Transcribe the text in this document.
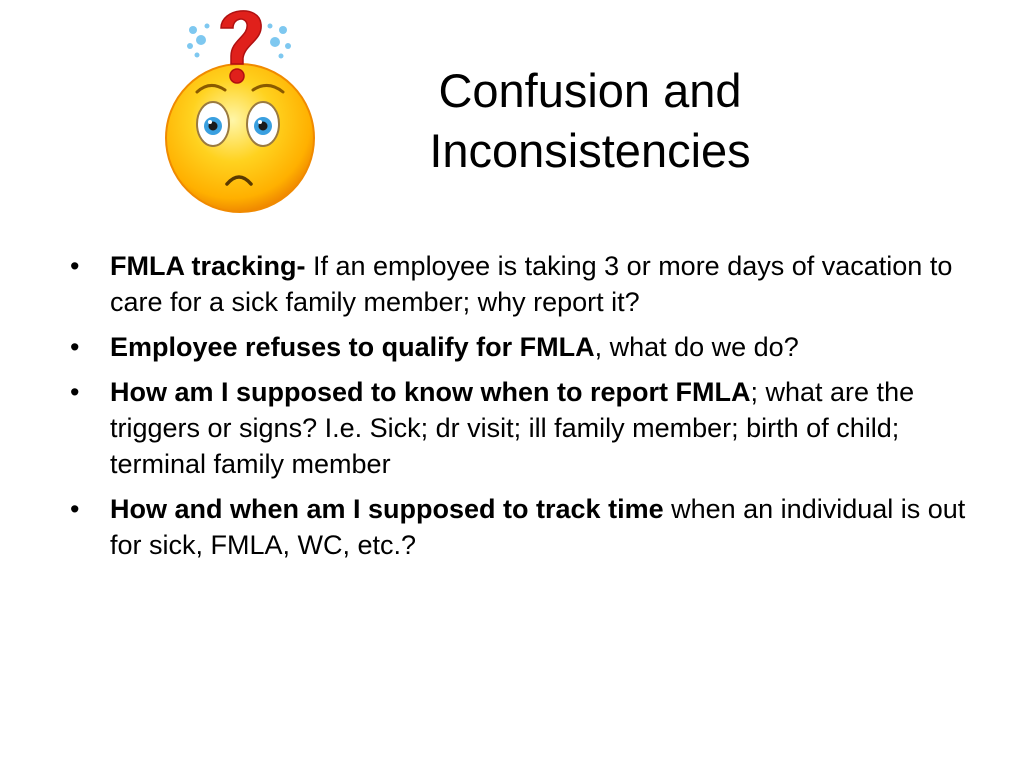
Confusion and
Inconsistencies
• FMLA tracking- If an employee is taking 3 or more days of vacation to care for a sick family member; why report it?
• Employee refuses to qualify for FMLA, what do we do?
• How am I supposed to know when to report FMLA; what are the triggers or signs? I.e. Sick; dr visit; ill family member; birth of child; terminal family member
• How and when am I supposed to track time when an individual is out for sick, FMLA, WC, etc.?
